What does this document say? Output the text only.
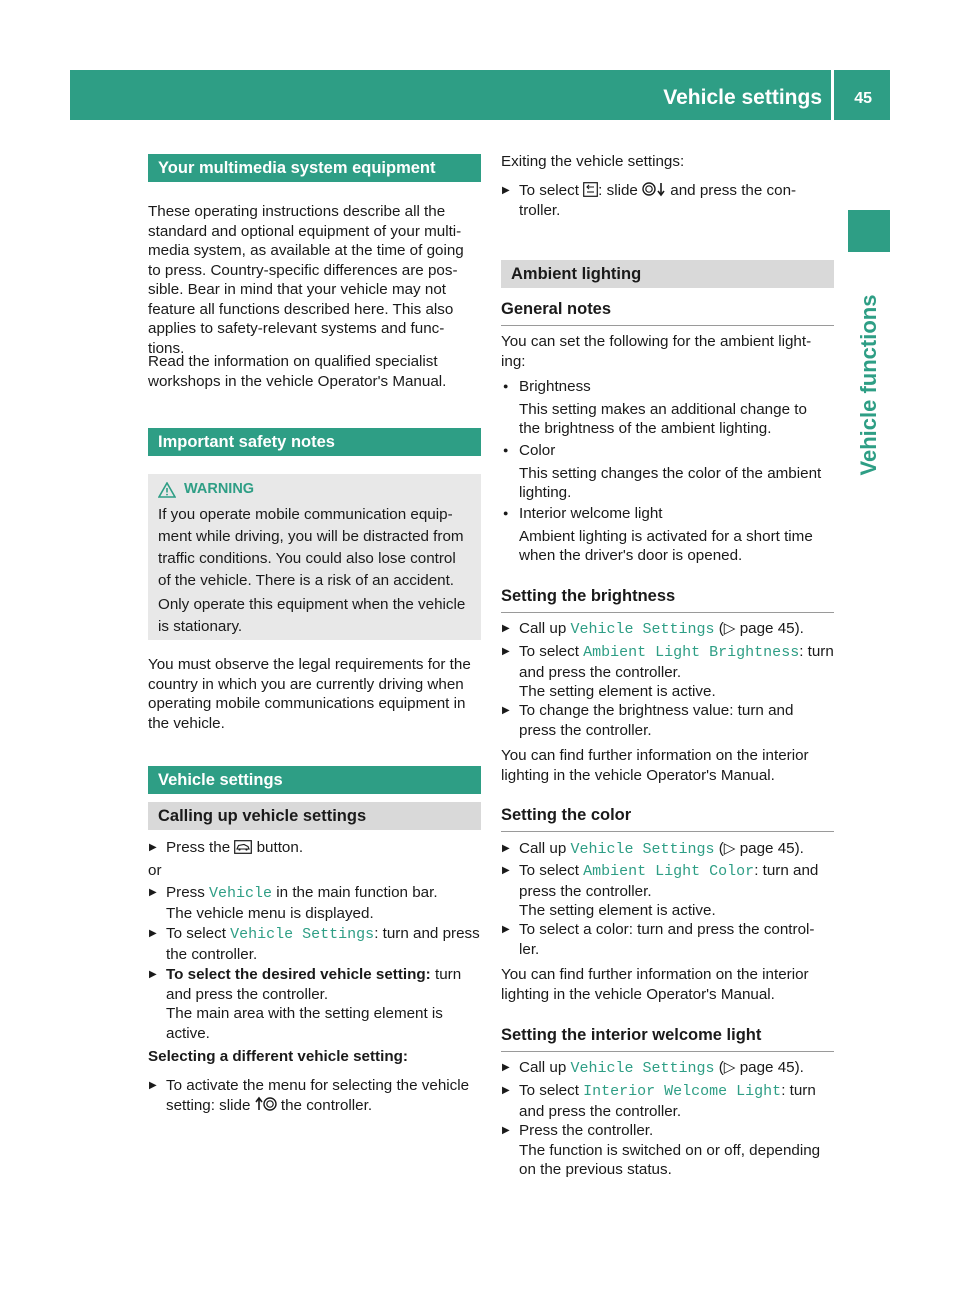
Vehicle settings 45
Vehicle functions
Your multimedia system equipment
These operating instructions describe all the
standard and optional equipment of your multi-
media system, as available at the time of going
to press. Country-specific differences are pos-
sible. Bear in mind that your vehicle may not
feature all functions described here. This also
applies to safety-relevant systems and func-
tions.
Read the information on qualified specialist
workshops in the vehicle Operator's Manual.
Important safety notes
WARNING
If you operate mobile communication equip-
ment while driving, you will be distracted from
traffic conditions. You could also lose control
of the vehicle. There is a risk of an accident.
Only operate this equipment when the vehicle
is stationary.
You must observe the legal requirements for the
country in which you are currently driving when
operating mobile communications equipment in
the vehicle.
Vehicle settings
Calling up vehicle settings
▶ Press the  button.
or
▶ Press Vehicle in the main function bar.
The vehicle menu is displayed.
▶ To select Vehicle Settings: turn and press
the controller.
▶ To select the desired vehicle setting: turn
and press the controller.
The main area with the setting element is
active.
Selecting a different vehicle setting:
▶ To activate the menu for selecting the vehicle
setting: slide  the controller.
Exiting the vehicle settings:
▶ To select : slide  and press the con-
troller.
Ambient lighting
General notes
You can set the following for the ambient light-
ing:
● Brightness
This setting makes an additional change to
the brightness of the ambient lighting.
● Color
This setting changes the color of the ambient
lighting.
● Interior welcome light
Ambient lighting is activated for a short time
when the driver's door is opened.
Setting the brightness
▶ Call up Vehicle Settings (▷ page 45).
▶ To select Ambient Light Brightness: turn
and press the controller.
The setting element is active.
▶ To change the brightness value: turn and
press the controller.
You can find further information on the interior
lighting in the vehicle Operator's Manual.
Setting the color
▶ Call up Vehicle Settings (▷ page 45).
▶ To select Ambient Light Color: turn and
press the controller.
The setting element is active.
▶ To select a color: turn and press the control-
ler.
You can find further information on the interior
lighting in the vehicle Operator's Manual.
Setting the interior welcome light
▶ Call up Vehicle Settings (▷ page 45).
▶ To select Interior Welcome Light: turn
and press the controller.
▶ Press the controller.
The function is switched on or off, depending
on the previous status.
